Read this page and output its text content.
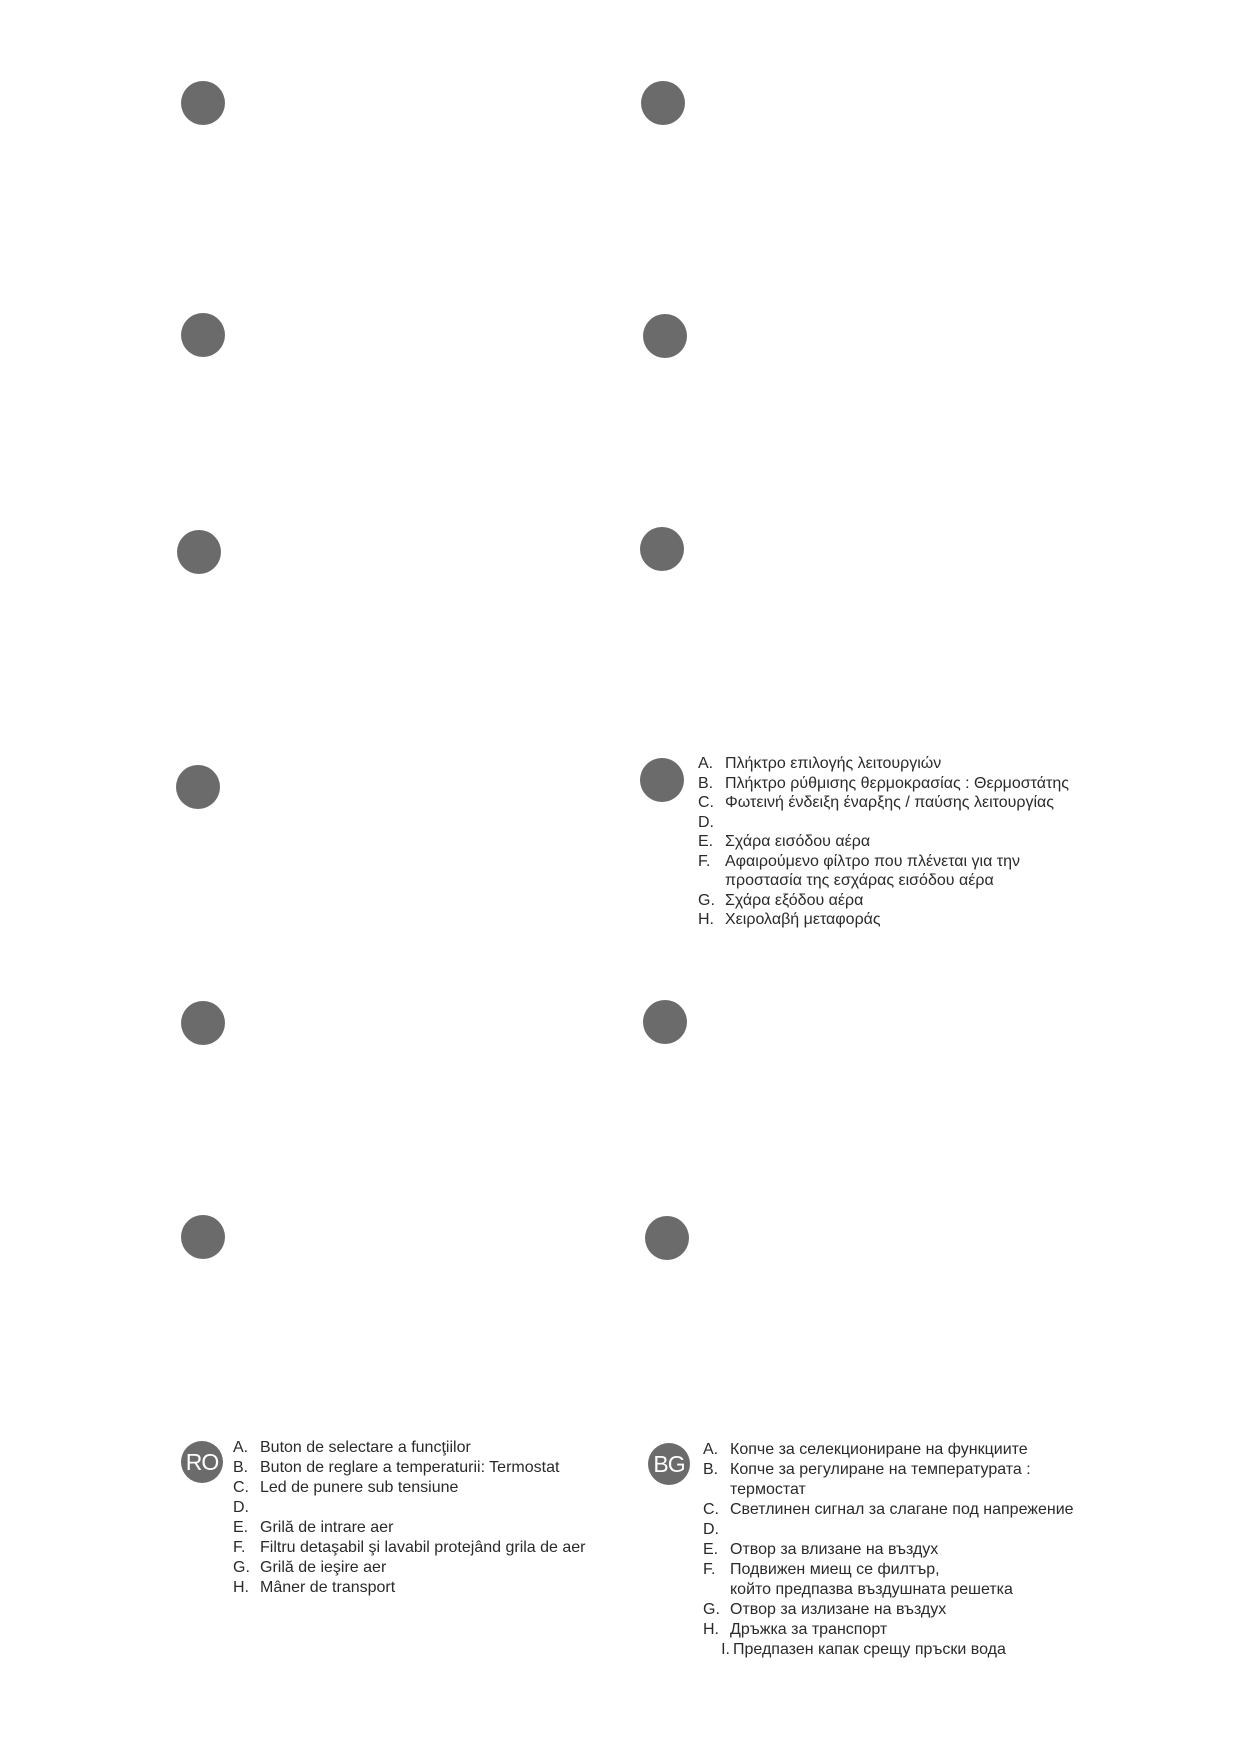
A. Πλήκτρο επιλογής λειτουργιών
B. Πλήκτρο ρύθμισης θερμοκρασίας : Θερμοστάτης
C. Φωτεινή ένδειξη έναρξης / παύσης λειτουργίας
D.
E. Σχάρα εισόδου αέρα
F. Αφαιρούμενο φίλτρο που πλένεται για την
προστασία της εσχάρας εισόδου αέρα
G. Σχάρα εξόδου αέρα
H. Χειρολαβή μεταφοράς
RO
A. Buton de selectare a funcţiilor
B. Buton de reglare a temperaturii: Termostat
C. Led de punere sub tensiune
D.
E. Grilă de intrare aer
F. Filtru detaşabil şi lavabil protejând grila de aer
G. Grilă de ieşire aer
H. Mâner de transport
BG
A. Копче за селекциониране на функциите
B. Копче за регулиране на температурата :
термостат
C. Светлинен сигнал за слагане под напрежение
D.
E. Отвор за влизане на въздух
F. Подвижен миещ се филтър,
който предпазва въздушната решетка
G. Отвор за излизане на въздух
H. Дръжка за транспорт
I. Предпазен капак срещу пръски вода
